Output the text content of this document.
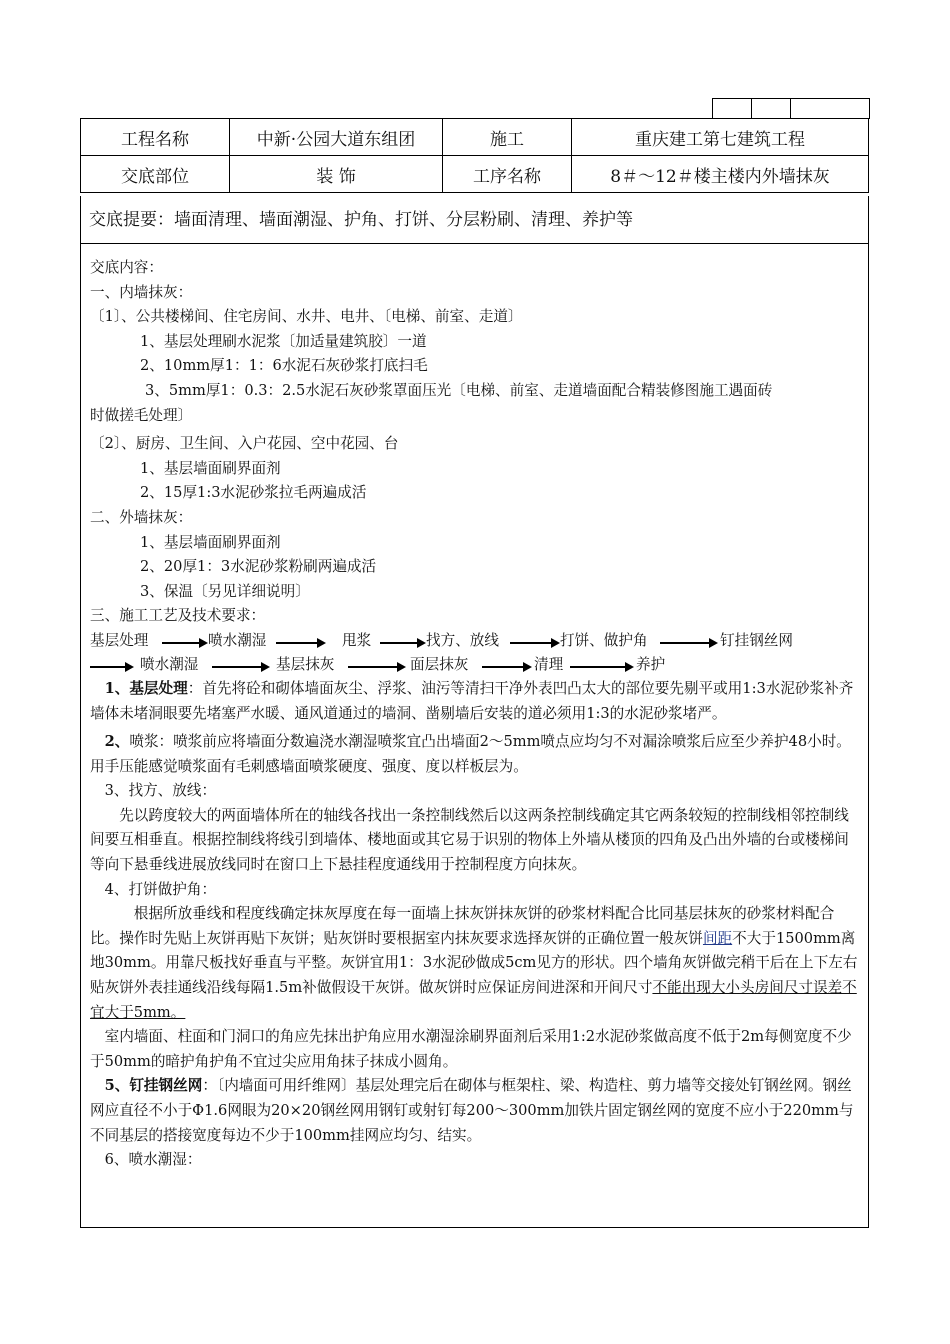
工程名称	中新·公园大道东组团	施工	重庆建工第七建筑工程
交底部位	装 饰	工序名称	8＃～12＃楼主楼内外墙抹灰
交底提要：墙面清理、墙面潮湿、护角、打饼、分层粉刷、清理、养护等

交底内容：

一、内墙抹灰：

〔1〕、公共楼梯间、住宅房间、水井、电井、〔电梯、前室、走道〕

1、基层处理刷水泥浆〔加适量建筑胶〕一道

2、10mm厚1：1：6水泥石灰砂浆打底扫毛

3、5mm厚1：0.3：2.5水泥石灰砂浆罩面压光〔电梯、前室、走道墙面配合精装修图施工遇面砖

时做搓毛处理〕

〔2〕、厨房、卫生间、入户花园、空中花园、台

1、基层墙面刷界面剂

2、15厚1:3水泥砂浆拉毛两遍成活

二、外墙抹灰：

1、基层墙面刷界面剂

2、20厚1：3水泥砂浆粉刷两遍成活

3、保温〔另见详细说明〕

三、施工工艺及技术要求：

基层处理	喷水潮湿	甩浆	找方、放线	打饼、做护角	钉挂钢丝网
喷水潮湿	基层抹灰	面层抹灰	清理	养护

1、基层处理：首先将砼和砌体墙面灰尘、浮浆、油污等清扫干净外表凹凸太大的部位要先剔平或用1:3水泥砂浆补齐墙体未堵洞眼要先堵塞严水暖、通风道通过的墙洞、凿剔墙后安装的道必须用1:3的水泥砂浆堵严。

2、喷浆：喷浆前应将墙面分数遍浇水潮湿喷浆宜凸出墙面2～5mm喷点应均匀不对漏涂喷浆后应至少养护48小时。用手压能感觉喷浆面有毛刺感墙面喷浆硬度、强度、度以样板层为。

3、找方、放线：

先以跨度较大的两面墙体所在的轴线各找出一条控制线然后以这两条控制线确定其它两条较短的控制线相邻控制线间要互相垂直。根据控制线将线引到墙体、楼地面或其它易于识别的物体上外墙从楼顶的四角及凸出外墙的台或楼梯间等向下悬垂线进展放线同时在窗口上下悬挂程度通线用于控制程度方向抹灰。

4、打饼做护角：

根据所放垂线和程度线确定抹灰厚度在每一面墙上抹灰饼抹灰饼的砂浆材料配合比同基层抹灰的砂浆材料配合比。操作时先贴上灰饼再贴下灰饼；贴灰饼时要根据室内抹灰要求选择灰饼的正确位置一般灰饼间距不大于1500mm离地30mm。用靠尺板找好垂直与平整。灰饼宜用1：3水泥砂做成5cm见方的形状。四个墙角灰饼做完稍干后在上下左右贴灰饼外表挂通线沿线每隔1.5m补做假设干灰饼。做灰饼时应保证房间进深和开间尺寸不能出现大小头房间尺寸误差不宜大于5mm。

室内墙面、柱面和门洞口的角应先抹出护角应用水潮湿涂刷界面剂后采用1:2水泥砂浆做高度不低于2m每侧宽度不少于50mm的暗护角护角不宜过尖应用角抹子抹成小圆角。

5、钉挂钢丝网：〔内墙面可用纤维网〕基层处理完后在砌体与框架柱、梁、构造柱、剪力墙等交接处钉钢丝网。钢丝网应直径不小于Φ1.6网眼为20×20钢丝网用钢钉或射钉每200～300mm加铁片固定钢丝网的宽度不应小于220mm与不同基层的搭接宽度每边不少于100mm挂网应均匀、结实。

6、喷水潮湿：
